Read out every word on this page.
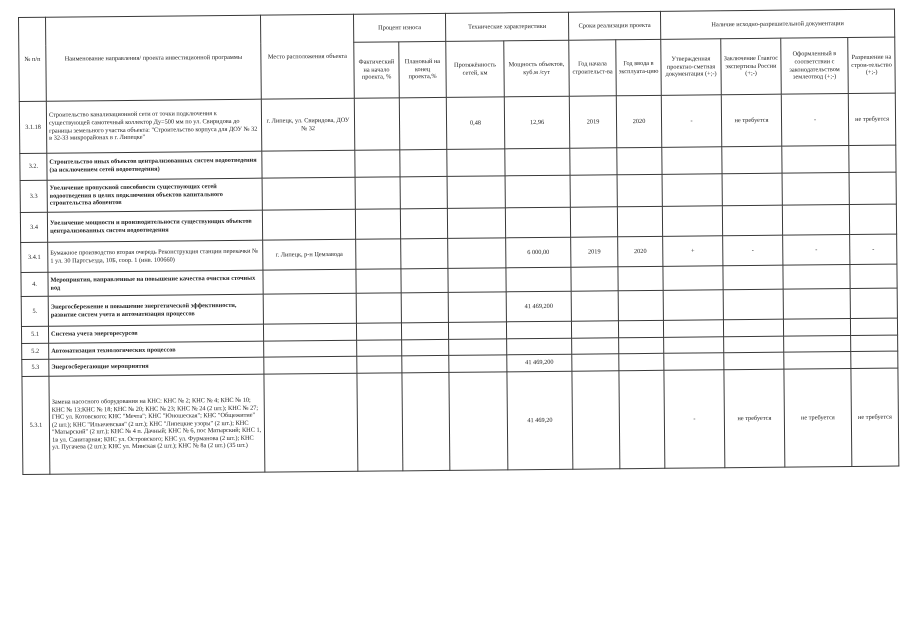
№ п/п	Наименование направления/ проекта инвестиционной программы	Место расположения объекта	Процент износа		Технические характеристики		Сроки реализации проекта		Наличие исходно-разрешительной документации			
			Фактический на начало проекта, %	Плановый на конец проекта,%	Протяжённость сетей, км	Мощность объектов, куб.м /сут	Год начала строительст-ва	Год ввода в эксплуата-цию	Утвержденная проектно-сметная документация (+;-)	Заключение Главгос экспертизы России (+;-)	Оформленный в соответствии с законодательством землеотвод (+;-)	Разрешение на строи-тельство (+;-)
3.1.18	Строительство канализационной сети от точки подключения к существующей самотечный коллектор Ду=500 мм по ул. Свиридова до границы земельного участка объекта: "Строительство корпуса для ДОУ № 32 в 32-33 микрорайонах в г. Липецке"	г. Липецк, ул. Свиридова, ДОУ № 32			0,48	12,96	2019	2020	-	не требуется	-	не требуется
3.2.	Строительство иных объектов централизованных систем водоотведения (за исключением сетей водоотведения)											
3.3	Увеличение пропускной способности существующих сетей водоотведения в целях подключения объектов капитального строительства абонентов											
3.4	Увеличение мощности и производительности существующих объектов централизованных систем водоотведения											
3.4.1	Бумажное производство вторая очередь Реконструкция станции перекачки № 1 ул. 30 Партсъезда, 10Б, соор. 1 (инв. 100660)	г. Липецк, р-н Цемзавода				6 000,00	2019	2020	+	-	-	-
4.	Мероприятия, направленные на повышение качества очистки сточных вод											
5.	Энергосбережение и повышение энергетической эффективности, развитие систем учета и автоматизация процессов					41 469,200						
5.1	Система учета энергоресурсов											
5.2	Автоматизация технологических процессов											
5.3	Энергосберегающие мероприятия					41 469,200						
5.3.1	Замена насосного оборудования на КНС: КНС № 2; КНС № 4; КНС № 10; КНС № 13;КНС № 18; КНС № 20; КНС № 23; КНС № 24 (2 шт.); КНС № 27; ГНС ул. Котовского; КНС "Мечта"; КНС "Юношеская"; КНС "Общежитие" (2 шт.); КНС "Ильичевская" (2 шт.); КНС "Липецкие узоры" (2 шт.); КНС "Матырский" (2 шт.); КНС № 4 п. Дачный; КНС № 6, пос Матырский; КНС 1, 1в ул. Санитарная; КНС ул. Островского; КНС ул. Фурманова (2 шт.); КНС ул. Пугачева (2 шт.); КНС ул. Минская (2 шт.); КНС № 8а (2 шт.) (35 шт.)					41 469,20			-	не требуется	не требуется	не требуется
